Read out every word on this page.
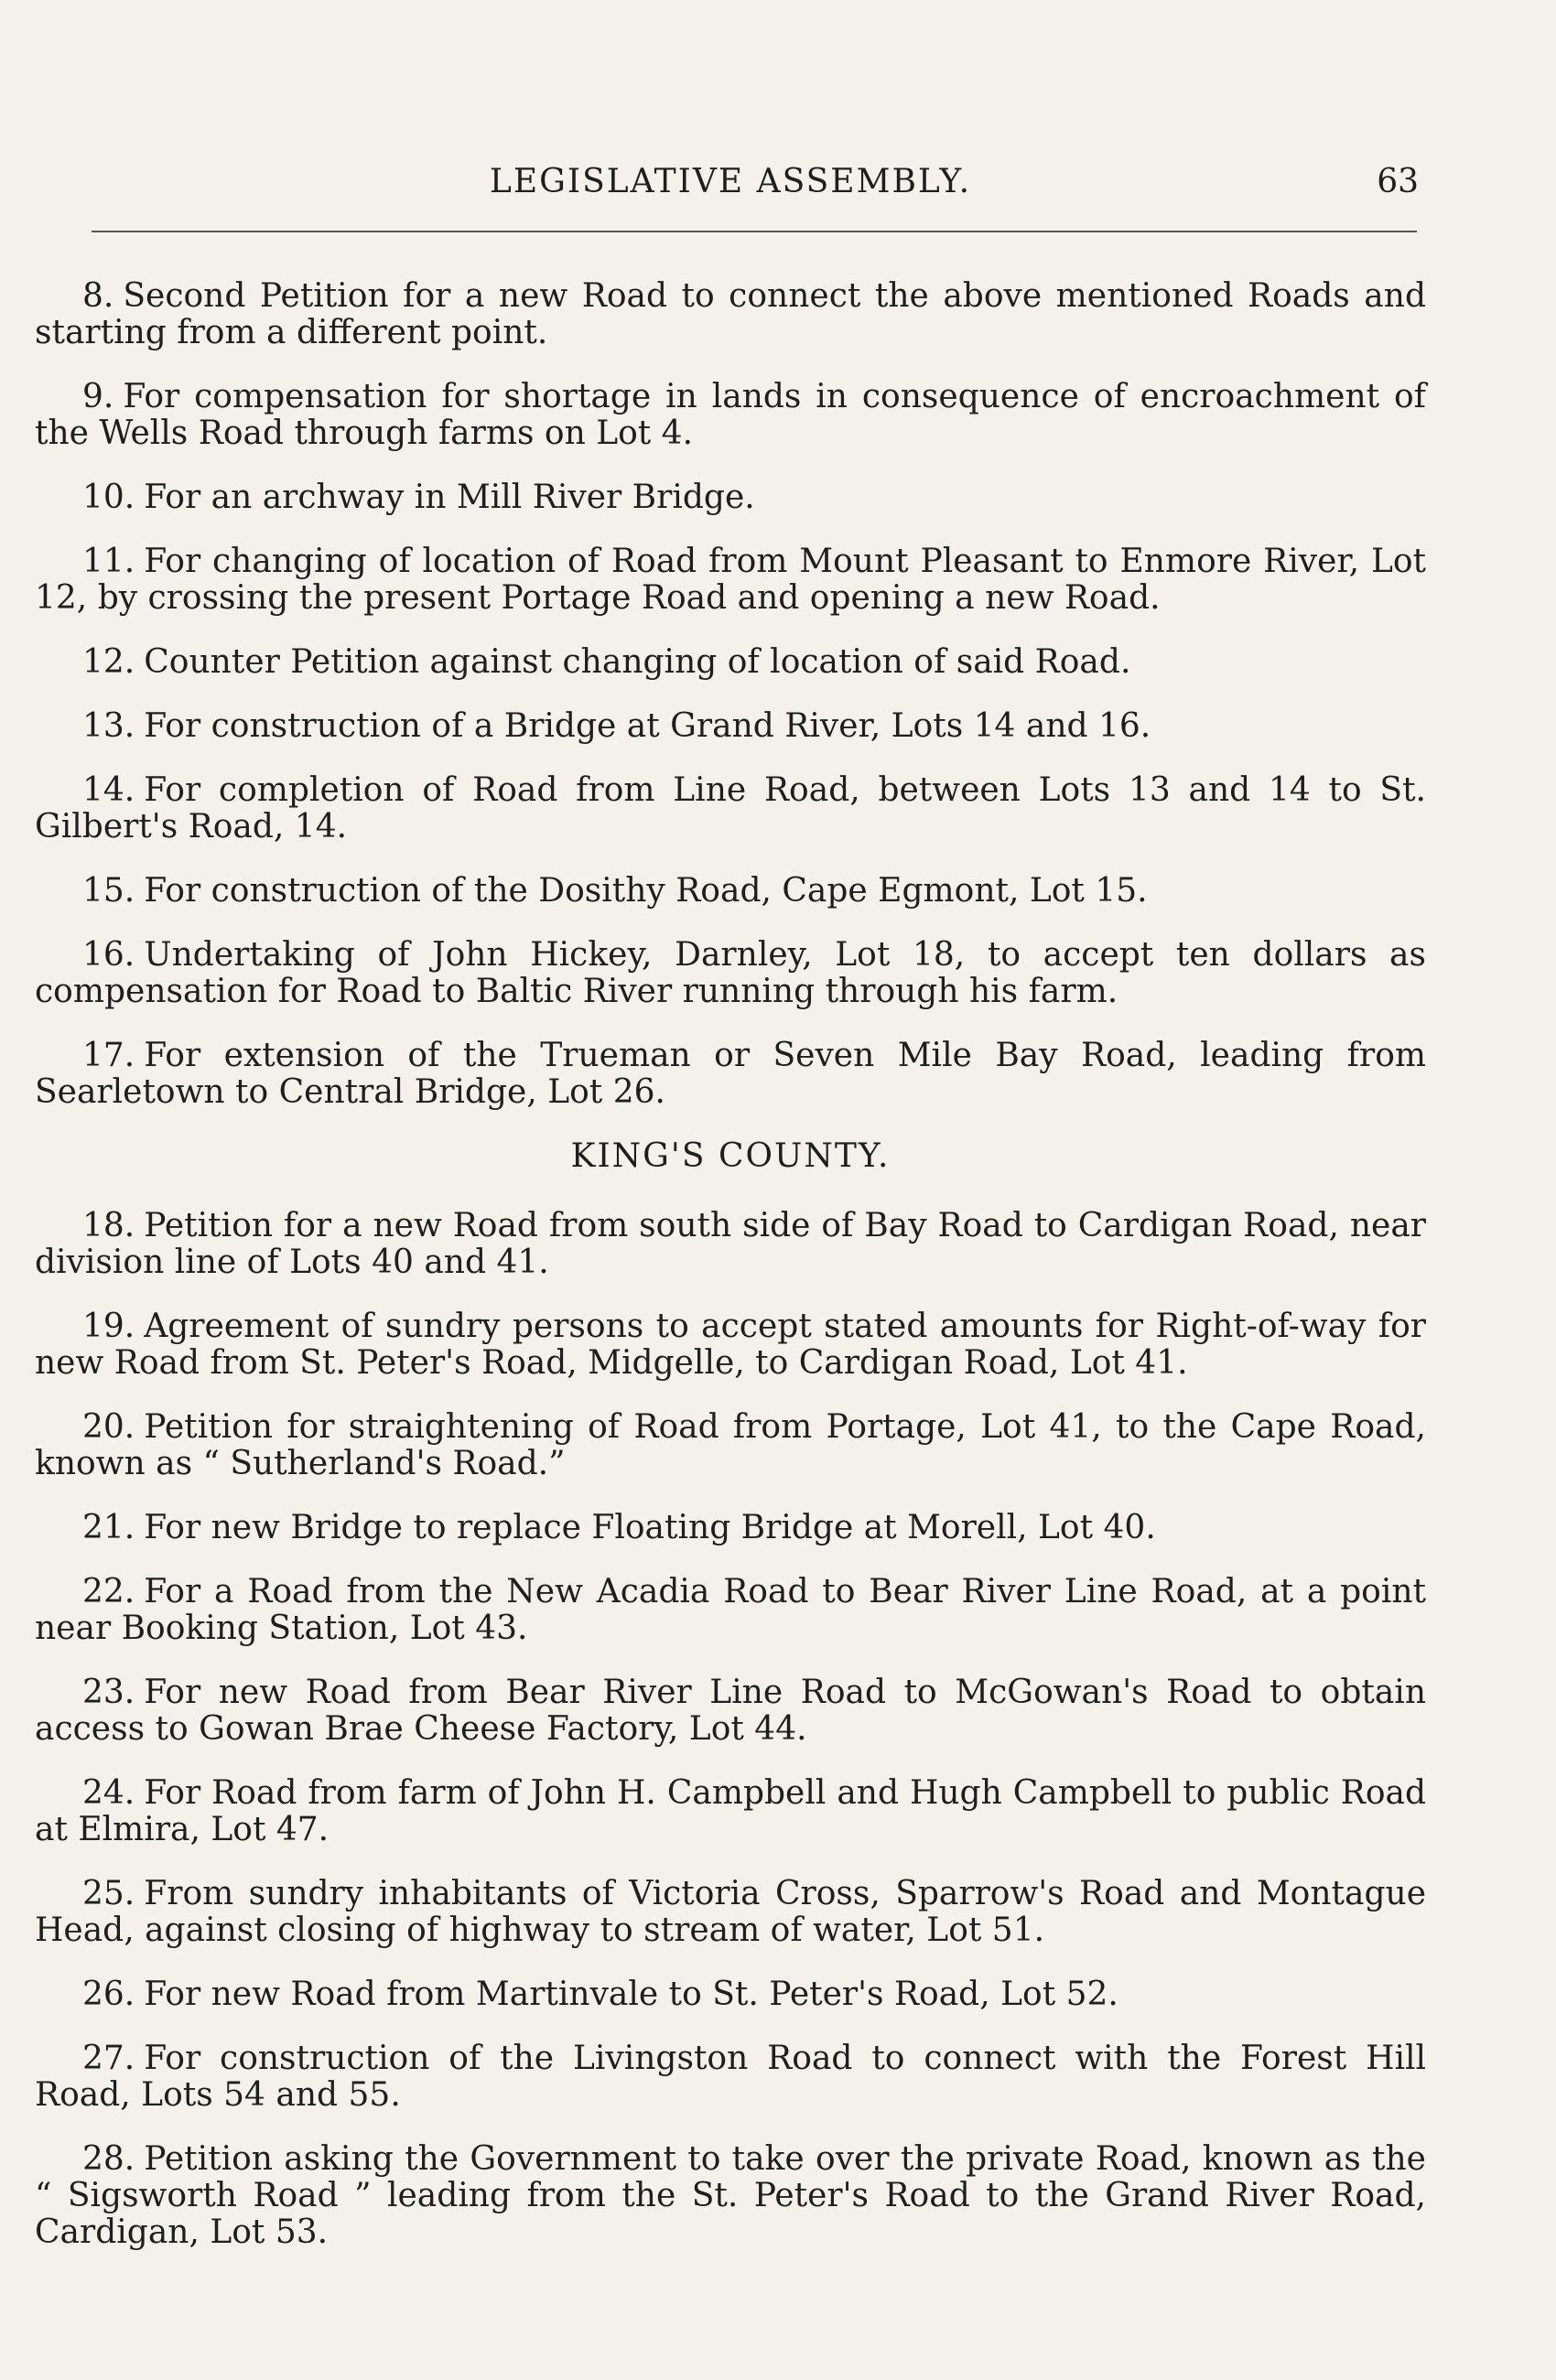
LEGISLATIVE ASSEMBLY.	63

8. Second Petition for a new Road to connect the above mentioned Roads and starting from a different point.

9. For compensation for shortage in lands in consequence of encroachment of the Wells Road through farms on Lot 4.

10. For an archway in Mill River Bridge.

11. For changing of location of Road from Mount Pleasant to Enmore River, Lot 12, by crossing the present Portage Road and opening a new Road.

12. Counter Petition against changing of location of said Road.

13. For construction of a Bridge at Grand River, Lots 14 and 16.

14. For completion of Road from Line Road, between Lots 13 and 14 to St. Gilbert's Road, 14.

15. For construction of the Dosithy Road, Cape Egmont, Lot 15.

16. Undertaking of John Hickey, Darnley, Lot 18, to accept ten dollars as compensation for Road to Baltic River running through his farm.

17. For extension of the Trueman or Seven Mile Bay Road, leading from Searletown to Central Bridge, Lot 26.

KING'S COUNTY.

18. Petition for a new Road from south side of Bay Road to Cardigan Road, near division line of Lots 40 and 41.

19. Agreement of sundry persons to accept stated amounts for Right-of-way for new Road from St. Peter's Road, Midgelle, to Cardigan Road, Lot 41.

20. Petition for straightening of Road from Portage, Lot 41, to the Cape Road, known as “ Sutherland's Road.”

21. For new Bridge to replace Floating Bridge at Morell, Lot 40.

22. For a Road from the New Acadia Road to Bear River Line Road, at a point near Booking Station, Lot 43.

23. For new Road from Bear River Line Road to McGowan's Road to obtain access to Gowan Brae Cheese Factory, Lot 44.

24. For Road from farm of John H. Campbell and Hugh Campbell to public Road at Elmira, Lot 47.

25. From sundry inhabitants of Victoria Cross, Sparrow's Road and Montague Head, against closing of highway to stream of water, Lot 51.

26. For new Road from Martinvale to St. Peter's Road, Lot 52.

27. For construction of the Livingston Road to connect with the Forest Hill Road, Lots 54 and 55.

28. Petition asking the Government to take over the private Road, known as the “ Sigsworth Road ” leading from the St. Peter's Road to the Grand River Road, Cardigan, Lot 53.
